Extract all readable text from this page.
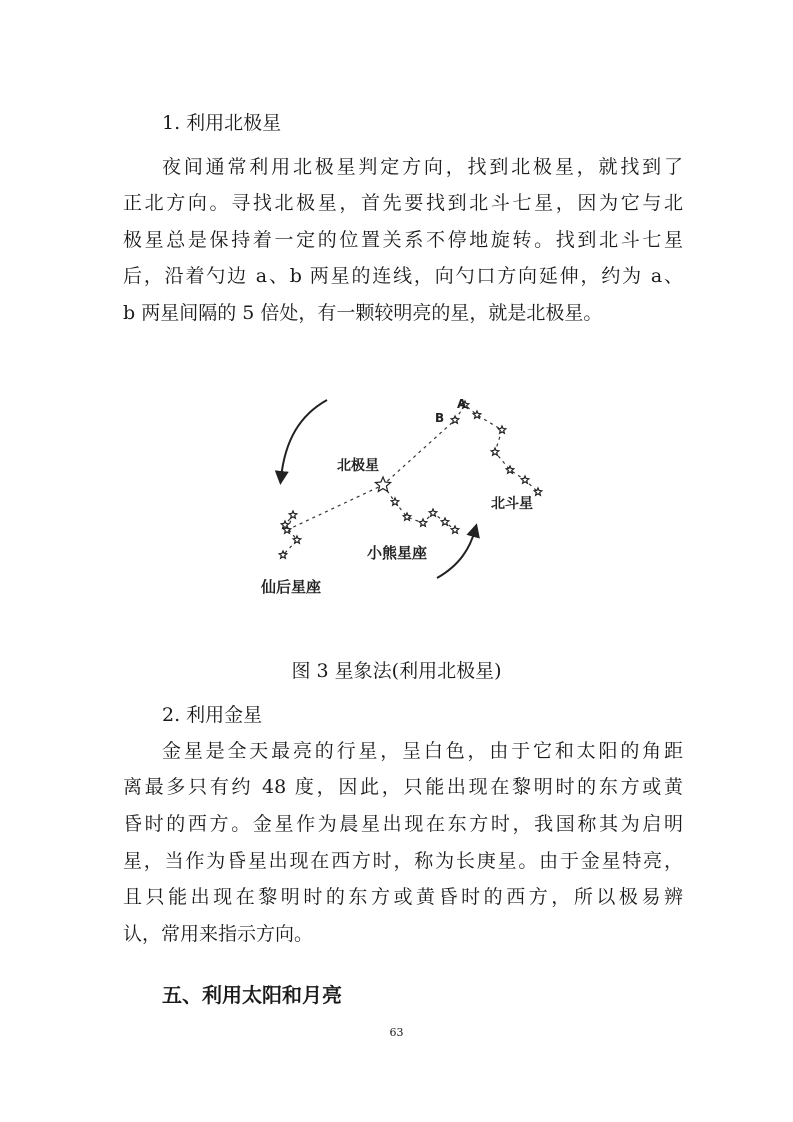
1. 利用北极星
夜间通常利用北极星判定方向，找到北极星，就找到了
正北方向。寻找北极星，首先要找到北斗七星，因为它与北
极星总是保持着一定的位置关系不停地旋转。找到北斗七星
后，沿着勺边 a、b 两星的连线，向勺口方向延伸，约为 a、
b 两星间隔的 5 倍处，有一颗较明亮的星，就是北极星。
北极星
北斗星
小熊星座
仙后星座
A
B
图 3 星象法(利用北极星)
2. 利用金星
金星是全天最亮的行星，呈白色，由于它和太阳的角距
离最多只有约 48 度，因此，只能出现在黎明时的东方或黄
昏时的西方。金星作为晨星出现在东方时，我国称其为启明
星，当作为昏星出现在西方时，称为长庚星。由于金星特亮，
且只能出现在黎明时的东方或黄昏时的西方，所以极易辨
认，常用来指示方向。
五、利用太阳和月亮
63
